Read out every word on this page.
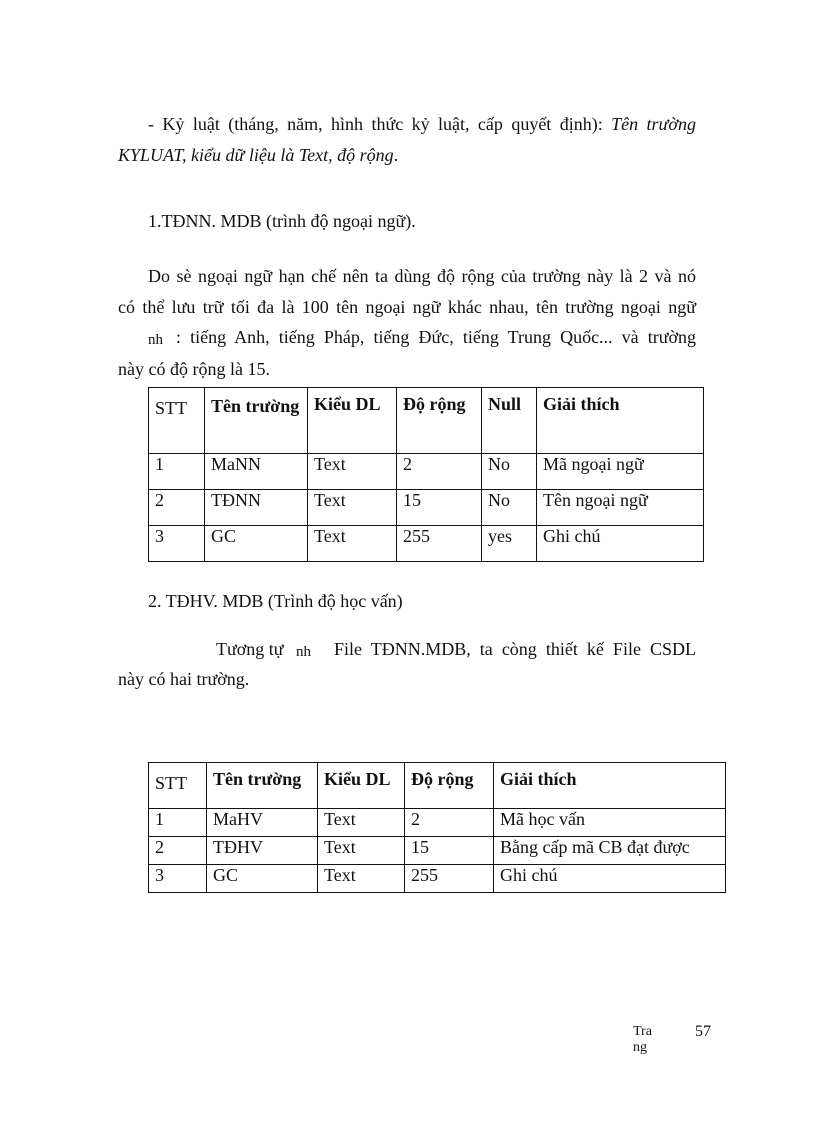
- Kỷ luật (tháng, năm, hình thức kỷ luật, cấp quyết định): Tên trường
KYLUAT, kiểu dữ liệu là Text, độ rộng.
1.TĐNN. MDB (trình độ ngoại ngữ).
Do sè ngoại ngữ hạn chế nên ta dùng độ rộng của trường này là 2 và nó
có thể lưu trữ tối đa là 100 tên ngoại ngữ khác nhau, tên trường ngoại ngữ
nh : tiếng Anh, tiếng Pháp, tiếng Đức, tiếng Trung Quốc... và trường
này có độ rộng là 15.
STT	Tên trường	Kiểu DL	Độ rộng	Null	Giải thích
1	MaNN	Text	2	No	Mã ngoại ngữ
2	TĐNN	Text	15	No	Tên ngoại ngữ
3	GC	Text	255	yes	Ghi chú
2. TĐHV. MDB (Trình độ học vấn)
Tương tự nh File TĐNN.MDB, ta còng thiết kế File CSDL
này có hai trường.
STT	Tên trường	Kiểu DL	Độ rộng	Giải thích
1	MaHV	Text	2	Mã học vấn
2	TĐHV	Text	15	Bằng cấp mã CB đạt được
3	GC	Text	255	Ghi chú
Tra
ng
57
